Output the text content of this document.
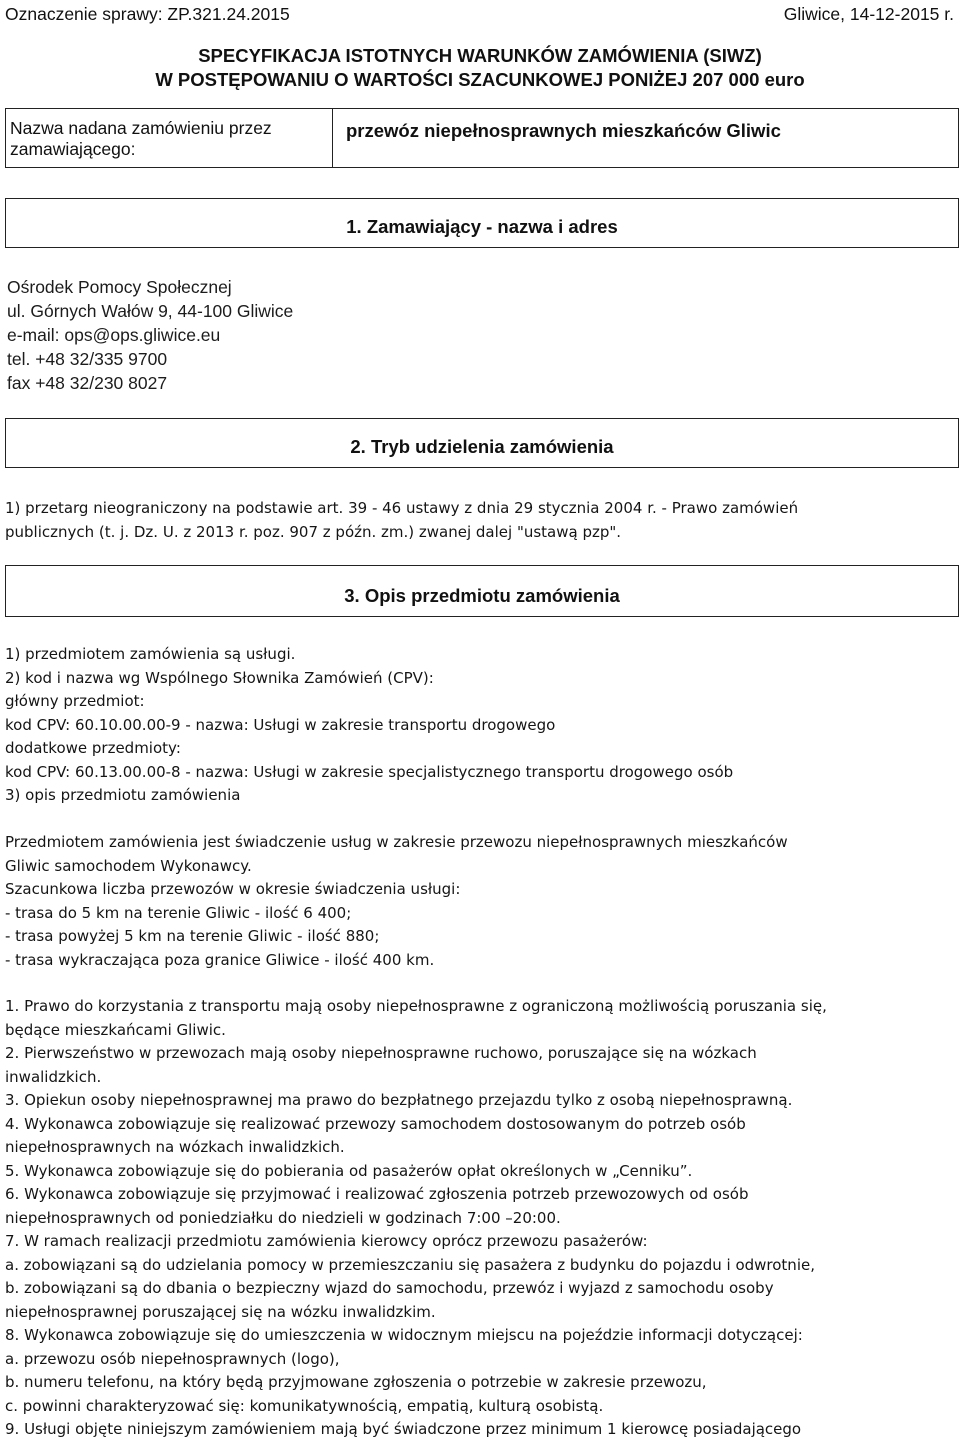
Oznaczenie sprawy: ZP.321.24.2015	Gliwice, 14-12-2015 r.
SPECYFIKACJA ISTOTNYCH WARUNKÓW ZAMÓWIENIA (SIWZ)
W POSTĘPOWANIU O WARTOŚCI SZACUNKOWEJ PONIŻEJ 207 000 euro
Nazwa nadana zamówieniu przez zamawiającego:
przewóz niepełnosprawnych mieszkańców Gliwic
1. Zamawiający - nazwa i adres
Ośrodek Pomocy Społecznej
ul. Górnych Wałów 9, 44-100 Gliwice
e-mail: ops@ops.gliwice.eu
tel. +48 32/335 9700
fax +48 32/230 8027
2. Tryb udzielenia zamówienia
1) przetarg nieograniczony na podstawie art. 39 - 46 ustawy z dnia 29 stycznia 2004 r. - Prawo zamówień
publicznych (t. j. Dz. U. z 2013 r. poz. 907 z późn. zm.) zwanej dalej "ustawą pzp".
3. Opis przedmiotu zamówienia
1) przedmiotem zamówienia są usługi.
2) kod i nazwa wg Wspólnego Słownika Zamówień (CPV):
główny przedmiot:
kod CPV: 60.10.00.00-9 - nazwa: Usługi w zakresie transportu drogowego
dodatkowe przedmioty:
kod CPV: 60.13.00.00-8 - nazwa: Usługi w zakresie specjalistycznego transportu drogowego osób
3) opis przedmiotu zamówienia
Przedmiotem zamówienia jest świadczenie usług w zakresie przewozu niepełnosprawnych mieszkańców
Gliwic samochodem Wykonawcy.
Szacunkowa liczba przewozów w okresie świadczenia usługi:
- trasa do 5 km na terenie Gliwic - ilość 6 400;
- trasa powyżej 5 km na terenie Gliwic - ilość 880;
- trasa wykraczająca poza granice Gliwice - ilość 400 km.
1. Prawo do korzystania z transportu mają osoby niepełnosprawne z ograniczoną możliwością poruszania się,
będące mieszkańcami Gliwic.
2. Pierwszeństwo w przewozach mają osoby niepełnosprawne ruchowo, poruszające się na wózkach
inwalidzkich.
3. Opiekun osoby niepełnosprawnej ma prawo do bezpłatnego przejazdu tylko z osobą niepełnosprawną.
4. Wykonawca zobowiązuje się realizować przewozy samochodem dostosowanym do potrzeb osób
niepełnosprawnych na wózkach inwalidzkich.
5. Wykonawca zobowiązuje się do pobierania od pasażerów opłat określonych w „Cenniku”.
6. Wykonawca zobowiązuje się przyjmować i realizować zgłoszenia potrzeb przewozowych od osób
niepełnosprawnych od poniedziałku do niedzieli w godzinach 7:00 –20:00.
7. W ramach realizacji przedmiotu zamówienia kierowcy oprócz przewozu pasażerów:
a. zobowiązani są do udzielania pomocy w przemieszczaniu się pasażera z budynku do pojazdu i odwrotnie,
b. zobowiązani są do dbania o bezpieczny wjazd do samochodu, przewóz i wyjazd z samochodu osoby
niepełnosprawnej poruszającej się na wózku inwalidzkim.
8. Wykonawca zobowiązuje się do umieszczenia w widocznym miejscu na pojeździe informacji dotyczącej:
a. przewozu osób niepełnosprawnych (logo),
b. numeru telefonu, na który będą przyjmowane zgłoszenia o potrzebie w zakresie przewozu,
c. powinni charakteryzować się: komunikatywnością, empatią, kulturą osobistą.
9. Usługi objęte niniejszym zamówieniem mają być świadczone przez minimum 1 kierowcę posiadającego
